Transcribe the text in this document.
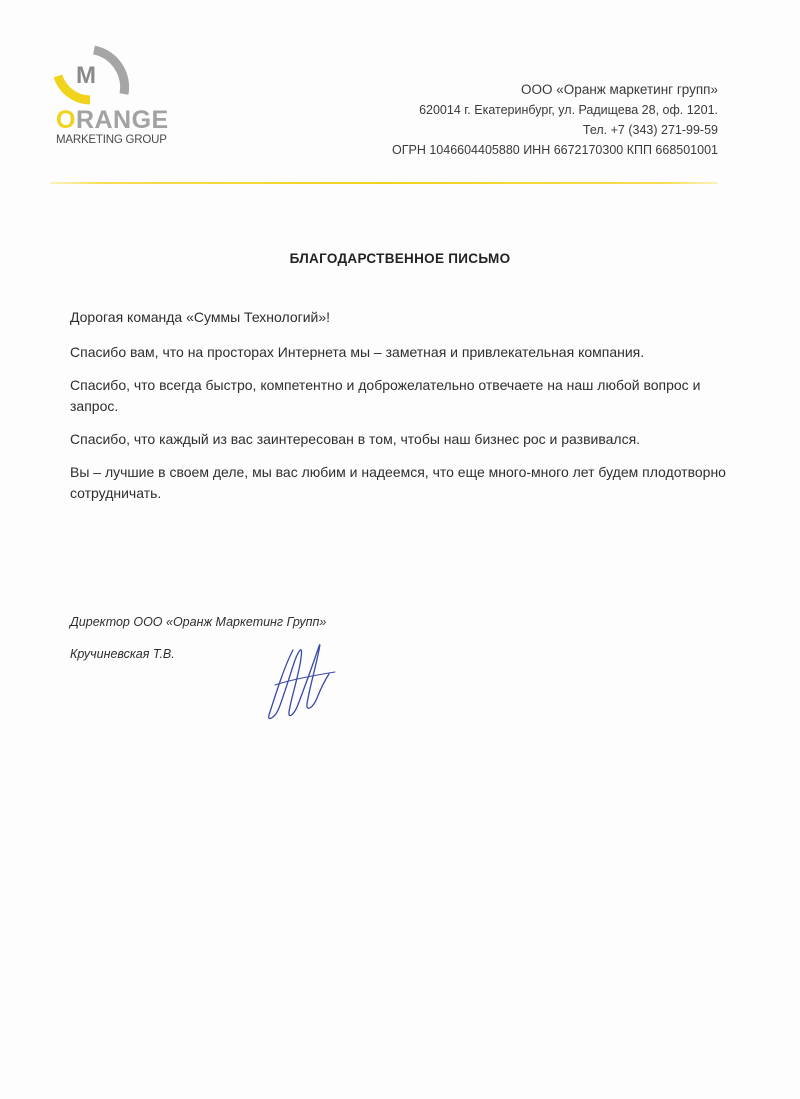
M
ORANGE
MARKETING GROUP
ООО «Оранж маркетинг групп»
620014 г. Екатеринбург, ул. Радищева 28, оф. 1201.
Тел. +7 (343) 271-99-59
ОГРН 1046604405880 ИНН 6672170300 КПП 668501001
БЛАГОДАРСТВЕННОЕ ПИСЬМО
Дорогая команда «Суммы Технологий»!
Спасибо вам, что на просторах Интернета мы – заметная и привлекательная компания.
Спасибо, что всегда быстро, компетентно и доброжелательно отвечаете на наш любой вопрос и запрос.
Спасибо, что каждый из вас заинтересован в том, чтобы наш бизнес рос и развивался.
Вы – лучшие в своем деле, мы вас любим и надеемся, что еще много-много лет будем плодотворно сотрудничать.
Директор ООО «Оранж Маркетинг Групп»
Кручиневская Т.В.
